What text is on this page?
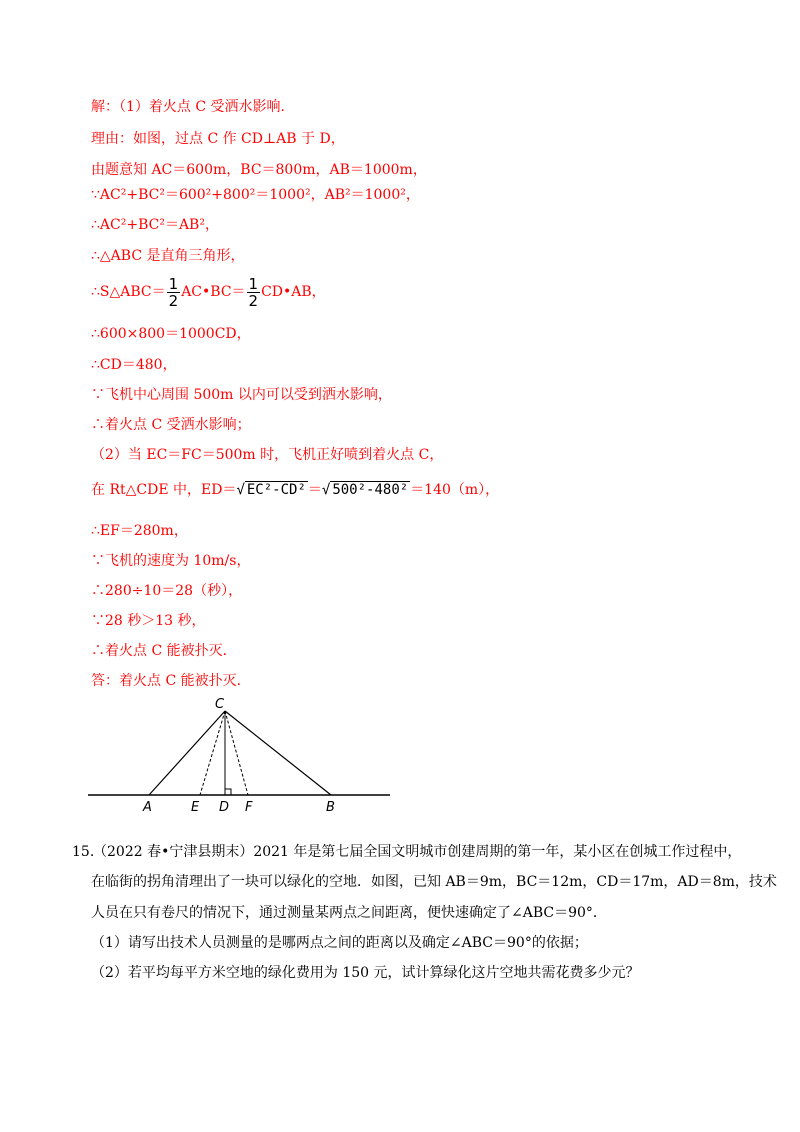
解：（1）着火点 C 受洒水影响．
理由：如图，过点 C 作 CD⊥AB 于 D，
由题意知 AC＝600m，BC＝800m，AB＝1000m，
∵AC²+BC²＝600²+800²＝1000²，AB²＝1000²，
∴AC²+BC²＝AB²，
∴△ABC 是直角三角形，
∴S△ABC＝ $\frac{1}{2}$ AC•BC＝ $\frac{1}{2}$ CD•AB，
∴600×800＝1000CD，
∴CD＝480，
∵飞机中心周围 500m 以内可以受到洒水影响，
∴着火点 C 受洒水影响；
（2）当 EC＝FC＝500m 时，飞机正好喷到着火点 C，
在 Rt△CDE 中，ED＝√ EC²-CD² ＝√ 500²-480² ＝140（m），
∴EF＝280m，
∵飞机的速度为 10m/s，
∴280÷10＝28（秒），
∵28 秒＞13 秒，
∴着火点 C 能被扑灭．
答：着火点 C 能被扑灭．
C
A	E D F	B
15.
（2022 春•宁津县期末）2021 年是第七届全国文明城市创建周期的第一年，某小区在创城工作过程中，
在临街的拐角清理出了一块可以绿化的空地．如图，已知 AB＝9m，BC＝12m，CD＝17m，AD＝8m，技术
人员在只有卷尺的情况下，通过测量某两点之间距离，便快速确定了∠ABC＝90°．
（1）请写出技术人员测量的是哪两点之间的距离以及确定∠ABC＝90°的依据；
（2）若平均每平方米空地的绿化费用为 150 元，试计算绿化这片空地共需花费多少元？
